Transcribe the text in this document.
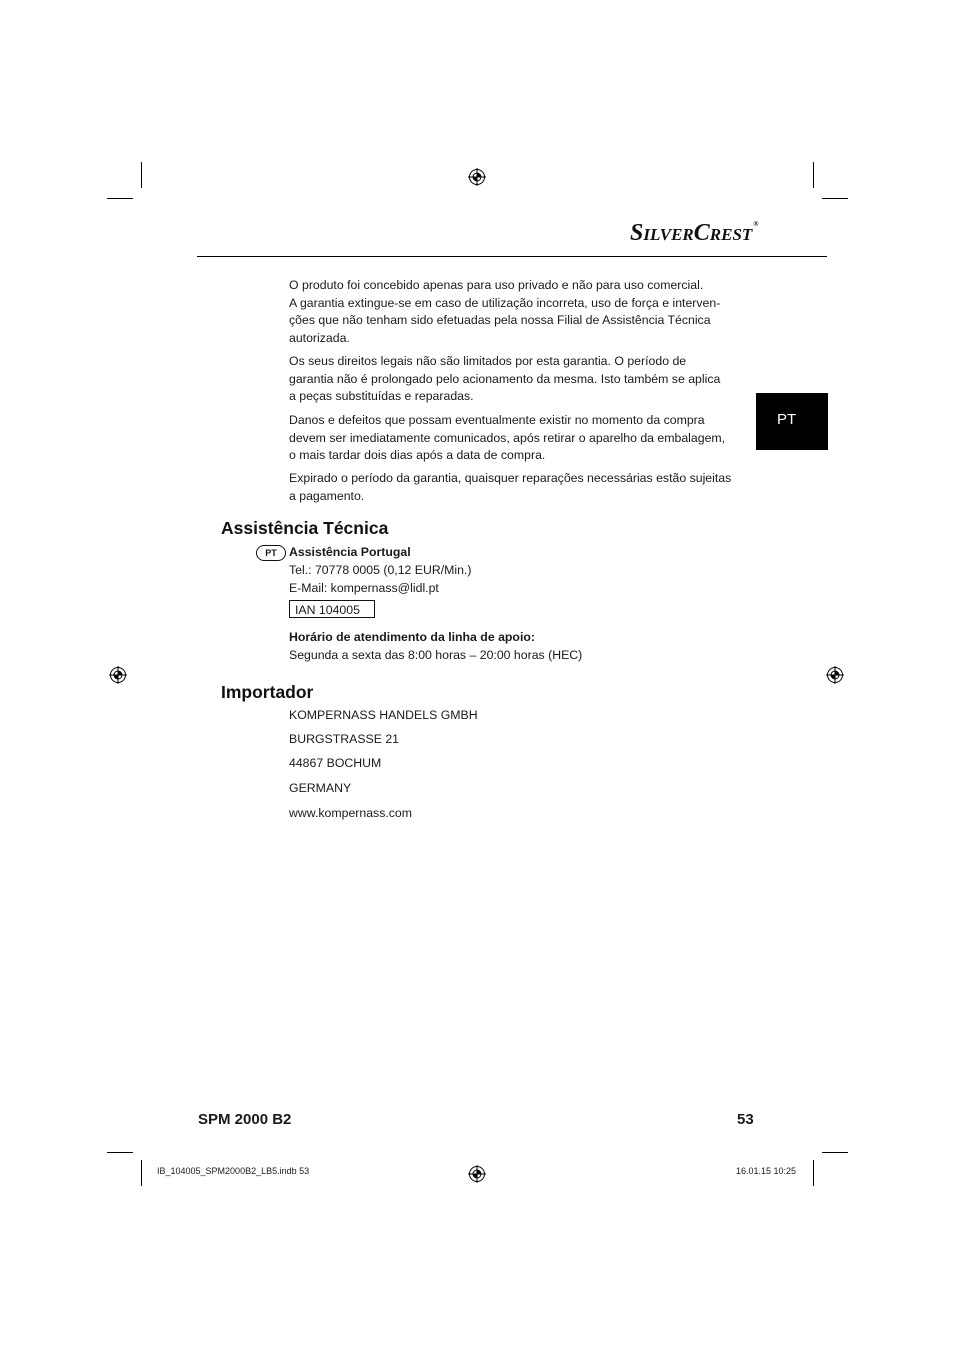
SILVERCREST®
PT

O produto foi concebido apenas para uso privado e não para uso comercial.

A garantia extingue-se em caso de utilização incorreta, uso de força e interven-

ções que não tenham sido efetuadas pela nossa Filial de Assistência Técnica

autorizada.

Os seus direitos legais não são limitados por esta garantia. O período de

garantia não é prolongado pelo acionamento da mesma. Isto também se aplica

a peças substituídas e reparadas.

Danos e defeitos que possam eventualmente existir no momento da compra

devem ser imediatamente comunicados, após retirar o aparelho da embalagem,

o mais tardar dois dias após a data de compra.

Expirado o período da garantia, quaisquer reparações necessárias estão sujeitas

a pagamento.

Assistência Técnica
PT Assistência Portugal
Tel.: 70778 0005 (0,12 EUR/Min.)
E-Mail: kompernass@lidl.pt
IAN 104005
Horário de atendimento da linha de apoio:
Segunda a sexta das 8:00 horas – 20:00 horas (HEC)
Importador
KOMPERNASS HANDELS GMBH
BURGSTRASSE 21
44867 BOCHUM
GERMANY
www.kompernass.com
SPM 2000 B2	53
IB_104005_SPM2000B2_LB5.indb 53	16.01.15 10:25
